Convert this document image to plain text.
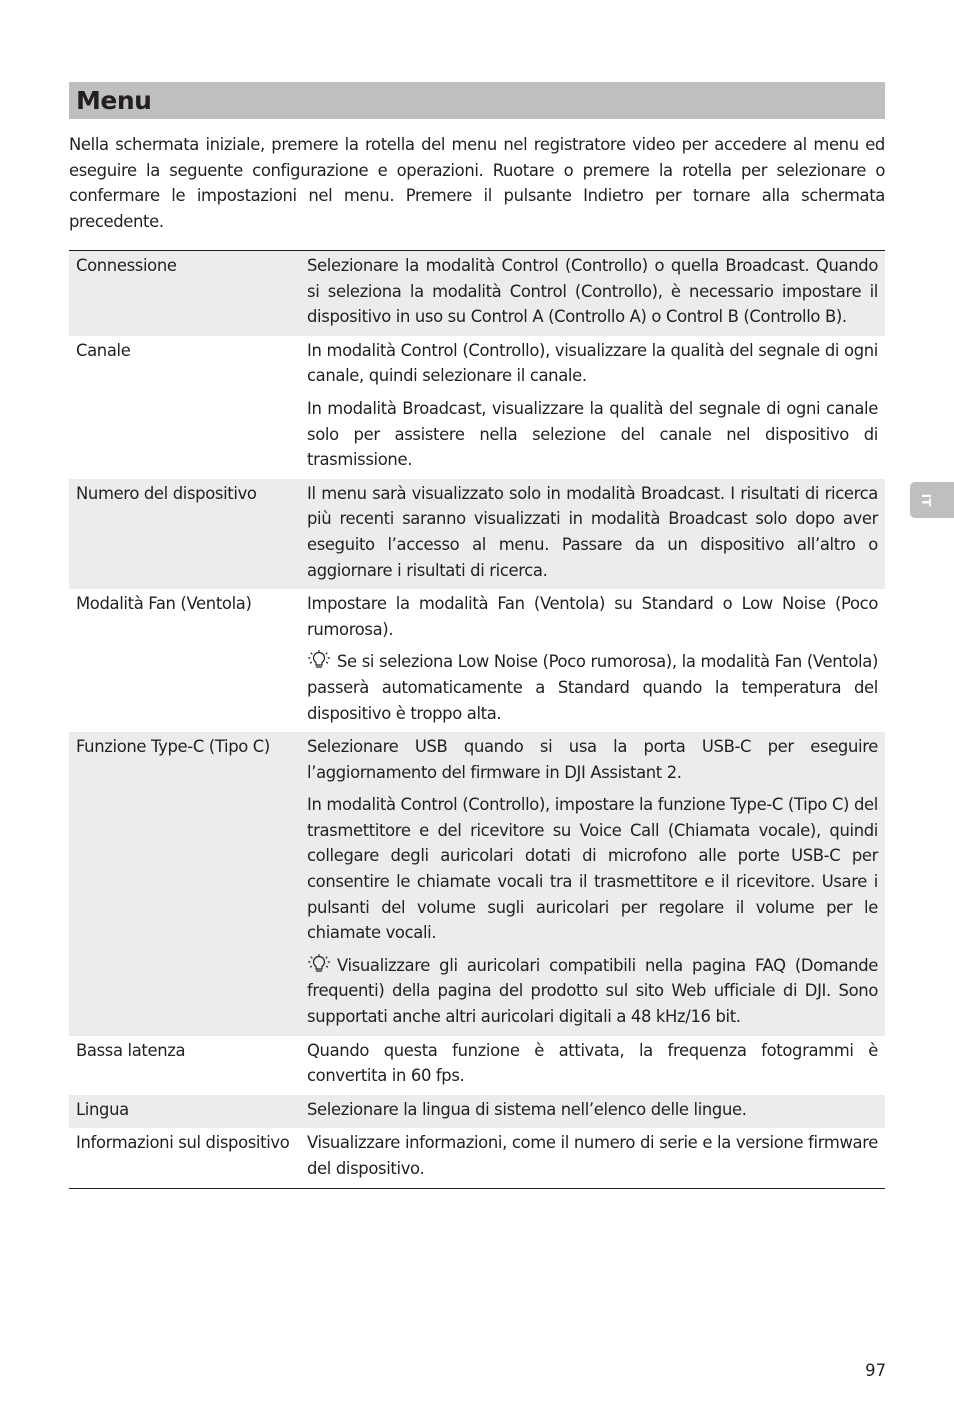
Menu

Nella schermata iniziale, premere la rotella del menu nel registratore video per accedere al menu ed eseguire la seguente configurazione e operazioni. Ruotare o premere la rotella per selezionare o confermare le impostazioni nel menu. Premere il pulsante Indietro per tornare alla schermata precedente.

Connessione	Selezionare la modalità Control (Controllo) o quella Broadcast. Quando si seleziona la modalità Control (Controllo), è necessario impostare il dispositivo in uso su Control A (Controllo A) o Control B (Controllo B).

Canale	In modalità Control (Controllo), visualizzare la qualità del segnale di ogni canale, quindi selezionare il canale.

In modalità Broadcast, visualizzare la qualità del segnale di ogni canale solo per assistere nella selezione del canale nel dispositivo di trasmissione.

Numero del dispositivo	Il menu sarà visualizzato solo in modalità Broadcast. I risultati di ricerca più recenti saranno visualizzati in modalità Broadcast solo dopo aver eseguito l’accesso al menu. Passare da un dispositivo all’altro o aggiornare i risultati di ricerca.

Modalità Fan (Ventola)	Impostare la modalità Fan (Ventola) su Standard o Low Noise (Poco rumorosa).

Se si seleziona Low Noise (Poco rumorosa), la modalità Fan (Ventola) passerà automaticamente a Standard quando la temperatura del dispositivo è troppo alta.

Funzione Type-C (Tipo C)	Selezionare USB quando si usa la porta USB-C per eseguire l’aggiornamento del firmware in DJI Assistant 2.

In modalità Control (Controllo), impostare la funzione Type-C (Tipo C) del trasmettitore e del ricevitore su Voice Call (Chiamata vocale), quindi collegare degli auricolari dotati di microfono alle porte USB-C per consentire le chiamate vocali tra il trasmettitore e il ricevitore. Usare i pulsanti del volume sugli auricolari per regolare il volume per le chiamate vocali.

Visualizzare gli auricolari compatibili nella pagina FAQ (Domande frequenti) della pagina del prodotto sul sito Web ufficiale di DJI. Sono supportati anche altri auricolari digitali a 48 kHz/16 bit.

Bassa latenza	Quando questa funzione è attivata, la frequenza fotogrammi è convertita in 60 fps.

Lingua	Selezionare la lingua di sistema nell’elenco delle lingue.

Informazioni sul dispositivo	Visualizzare informazioni, come il numero di serie e la versione firmware del dispositivo.

IT
97
